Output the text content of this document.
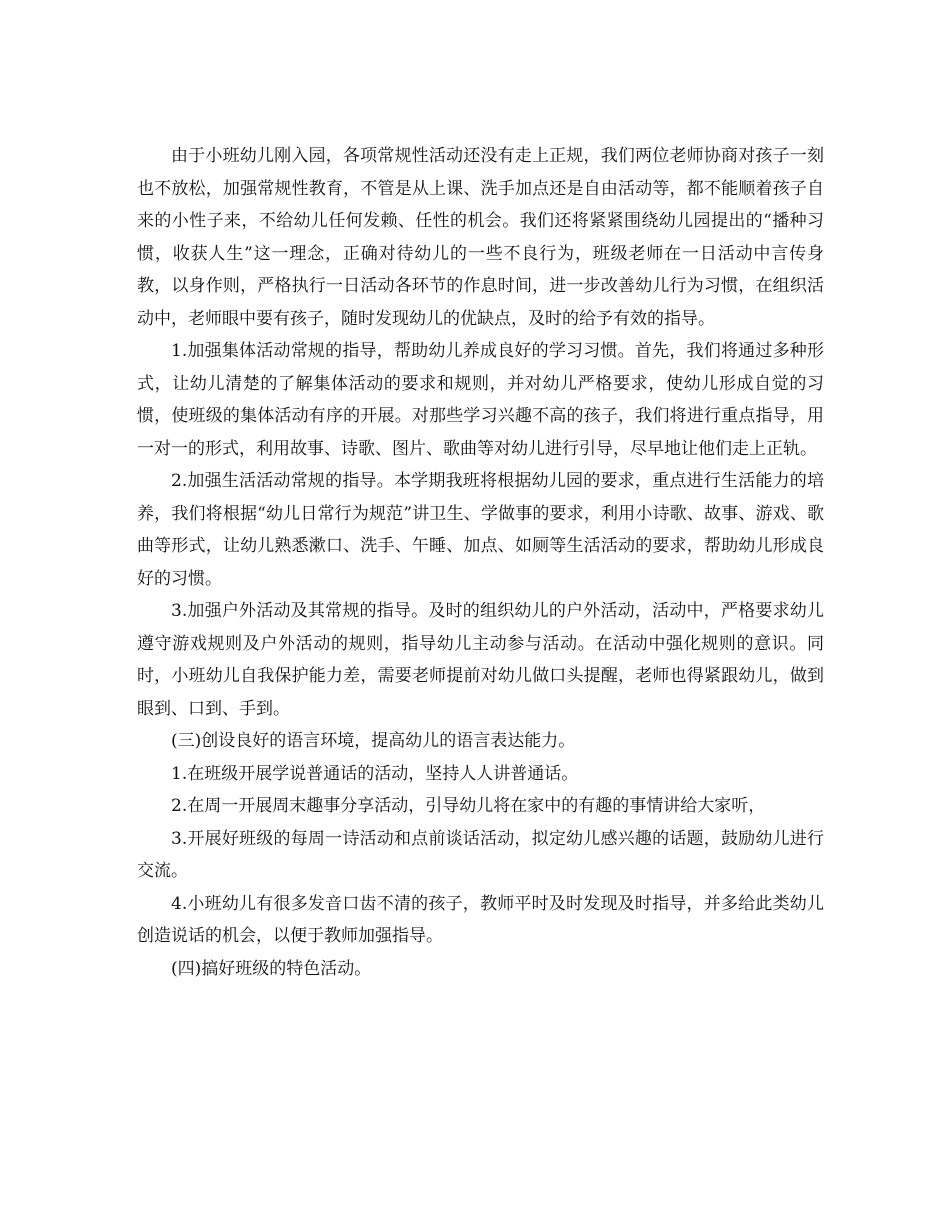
由于小班幼儿刚入园，各项常规性活动还没有走上正规，我们两位老师协商对孩子一刻也不放松，加强常规性教育，不管是从上课、洗手加点还是自由活动等，都不能顺着孩子自来的小性子来，不给幼儿任何发赖、任性的机会。我们还将紧紧围绕幼儿园提出的“播种习惯，收获人生”这一理念，正确对待幼儿的一些不良行为，班级老师在一日活动中言传身教，以身作则，严格执行一日活动各环节的作息时间，进一步改善幼儿行为习惯，在组织活动中，老师眼中要有孩子，随时发现幼儿的优缺点，及时的给予有效的指导。

1.加强集体活动常规的指导，帮助幼儿养成良好的学习习惯。首先，我们将通过多种形式，让幼儿清楚的了解集体活动的要求和规则，并对幼儿严格要求，使幼儿形成自觉的习惯，使班级的集体活动有序的开展。对那些学习兴趣不高的孩子，我们将进行重点指导，用一对一的形式，利用故事、诗歌、图片、歌曲等对幼儿进行引导，尽早地让他们走上正轨。

2.加强生活活动常规的指导。本学期我班将根据幼儿园的要求，重点进行生活能力的培养，我们将根据“幼儿日常行为规范”讲卫生、学做事的要求，利用小诗歌、故事、游戏、歌曲等形式，让幼儿熟悉漱口、洗手、午睡、加点、如厕等生活活动的要求，帮助幼儿形成良好的习惯。

3.加强户外活动及其常规的指导。及时的组织幼儿的户外活动，活动中，严格要求幼儿遵守游戏规则及户外活动的规则，指导幼儿主动参与活动。在活动中强化规则的意识。同时，小班幼儿自我保护能力差，需要老师提前对幼儿做口头提醒，老师也得紧跟幼儿，做到眼到、口到、手到。

(三)创设良好的语言环境，提高幼儿的语言表达能力。

1.在班级开展学说普通话的活动，坚持人人讲普通话。

2.在周一开展周末趣事分享活动，引导幼儿将在家中的有趣的事情讲给大家听，

3.开展好班级的每周一诗活动和点前谈话活动，拟定幼儿感兴趣的话题，鼓励幼儿进行交流。

4.小班幼儿有很多发音口齿不清的孩子，教师平时及时发现及时指导，并多给此类幼儿创造说话的机会，以便于教师加强指导。

(四)搞好班级的特色活动。
